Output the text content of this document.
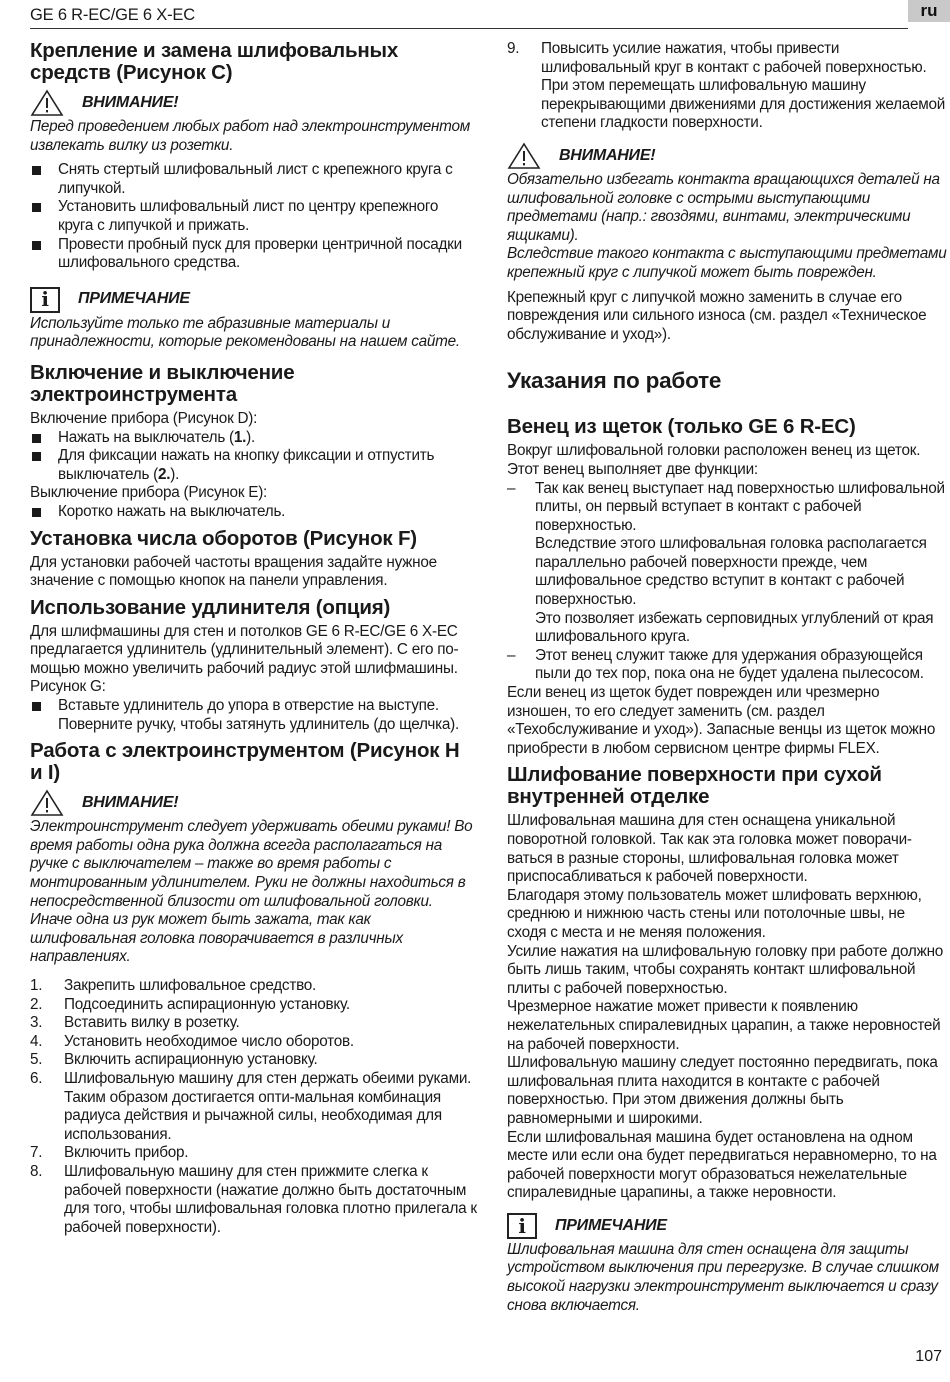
GE 6 R-EC/GE 6 X-EC	ru
Крепление и замена шлифовальных средств (Рисунок C)
ВНИМАНИЕ!

Перед проведением любых работ над электроинструментом извлекать вилку из розетки.

Снять стертый шлифовальный лист с крепежного круга с липучкой.
Установить шлифовальный лист по центру крепежного круга с липучкой и прижать.
Провести пробный пуск для проверки центричной посадки шлифовального средства.
i	ПРИМЕЧАНИЕ

Используйте только те абразивные материалы и принадлежности, которые рекомендованы на нашем сайте.

Включение и выключение электроинструмента

Включение прибора (Рисунок D):

Нажать на выключатель (1.).
Для фиксации нажать на кнопку фиксации и отпустить выключатель (2.).

Выключение прибора (Рисунок E):

Коротко нажать на выключатель.
Установка числа оборотов (Рисунок F)

Для установки рабочей частоты вращения задайте нужное значение с помощью кнопок на панели управления.

Использование удлинителя (опция)

Для шлифмашины для стен и потолков GE 6 R-EC/GE 6 X-EC предлагается удлинитель (удлинительный элемент). С его помощью можно увеличить рабочий радиус этой шлифмашины.

Рисунок G:

Вставьте удлинитель до упора в отверстие на выступе. Поверните ручку, чтобы затянуть удлинитель (до щелчка).
Работа с электроинструментом (Рисунок H и I)
ВНИМАНИЕ!

Электроинструмент следует удерживать обеими руками! Во время работы одна рука должна всегда располагаться на ручке с выключателем – также во время работы с монтированным удлинителем. Руки не должны находиться в непосредственной близости от шлифовальной головки. Иначе одна из рук может быть зажата, так как шлифовальная головка поворачивается в различных направлениях.

1.	Закрепить шлифовальное средство.
2.	Подсоединить аспирационную установку.
3.	Вставить вилку в розетку.
4.	Установить необходимое число оборотов.
5.	Включить аспирационную установку.
6.	Шлифовальную машину для стен держать обеими руками. Таким образом достигается опти-мальная комбинация радиуса действия и рычажной силы, необходимая для использования.
7.	Включить прибор.
8.	Шлифовальную машину для стен прижмите слегка к рабочей поверхности (нажатие должно быть достаточным для того, чтобы шлифовальная головка плотно прилегала к рабочей поверхности).
9.	Повысить усилие нажатия, чтобы привести шлифовальный круг в контакт с рабочей поверхностью. При этом перемещать шлифовальную машину перекрывающими движениями для достижения желаемой степени гладкости поверхности.
ВНИМАНИЕ!

Обязательно избегать контакта вращающихся деталей на шлифовальной головке с острыми выступающими предметами (напр.: гвоздями, винтами, электрическими ящиками).

Вследствие такого контакта с выступающими предметами крепежный круг с липучкой может быть поврежден.

Крепежный круг с липучкой можно заменить в случае его повреждения или сильного износа (см. раздел «Техническое обслуживание и уход»).

Указания по работе
Венец из щеток (только GE 6 R-EC)

Вокруг шлифовальной головки расположен венец из щеток. Этот венец выполняет две функции:

– Так как венец выступает над поверхностью шлифовальной плиты, он первый вступает в контакт с рабочей поверхностью.
Вследствие этого шлифовальная головка располагается параллельно рабочей поверхности прежде, чем шлифовальное средство вступит в контакт с рабочей поверхностью.
Это позволяет избежать серповидных углублений от края шлифовального круга.
– Этот венец служит также для удержания образующейся пыли до тех пор, пока она не будет удалена пылесосом.

Если венец из щеток будет поврежден или чрезмерно изношен, то его следует заменить (см. раздел «Техобслуживание и уход»). Запасные венцы из щеток можно приобрести в любом сервисном центре фирмы FLEX.

Шлифование поверхности при сухой внутренней отделке

Шлифовальная машина для стен оснащена уникальной поворотной головкой. Так как эта головка может поворачиваться в разные стороны, шлифовальная головка может приспосабливаться к рабочей поверхности.

Благодаря этому пользователь может шлифовать верхнюю, среднюю и нижнюю часть стены или потолочные швы, не сходя с места и не меняя положения.

Усилие нажатия на шлифовальную головку при работе должно быть лишь таким, чтобы сохранять контакт шлифовальной плиты с рабочей поверхностью.

Чрезмерное нажатие может привести к появлению нежелательных спиралевидных царапин, а также неровностей на рабочей поверхности.

Шлифовальную машину следует постоянно передвигать, пока шлифовальная плита находится в контакте с рабочей поверхностью. При этом движения должны быть равномерными и широкими.

Если шлифовальная машина будет остановлена на одном месте или если она будет передвигаться неравномерно, то на рабочей поверхности могут образоваться нежелательные спиралевидные царапины, а также неровности.

i	ПРИМЕЧАНИЕ

Шлифовальная машина для стен оснащена для защиты устройством выключения при перегрузке. В случае слишком высокой нагрузки электроинструмент выключается и сразу снова включается.

107
